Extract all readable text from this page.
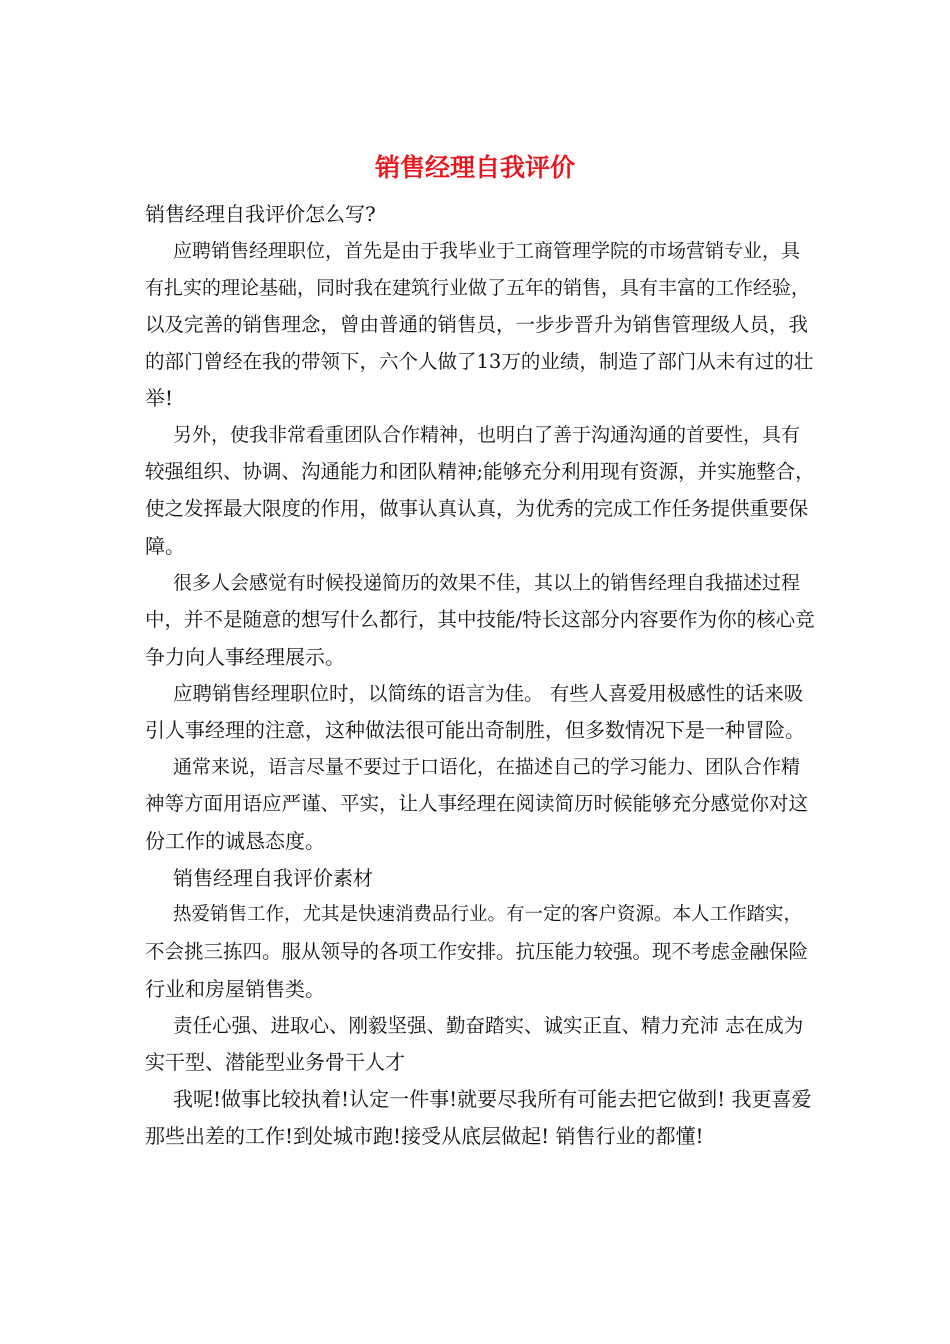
销售经理自我评价
销售经理自我评价怎么写?
应聘销售经理职位，首先是由于我毕业于工商管理学院的市场营销专业，具
有扎实的理论基础，同时我在建筑行业做了五年的销售，具有丰富的工作经验，
以及完善的销售理念，曾由普通的销售员，一步步晋升为销售管理级人员，我
的部门曾经在我的带领下，六个人做了13万的业绩，制造了部门从未有过的壮
举!
另外，使我非常看重团队合作精神，也明白了善于沟通沟通的首要性，具有
较强组织、协调、沟通能力和团队精神;能够充分利用现有资源，并实施整合，
使之发挥最大限度的作用，做事认真认真，为优秀的完成工作任务提供重要保
障。
很多人会感觉有时候投递简历的效果不佳，其以上的销售经理自我描述过程
中，并不是随意的想写什么都行，其中技能/特长这部分内容要作为你的核心竞
争力向人事经理展示。
应聘销售经理职位时，以简练的语言为佳。 有些人喜爱用极感性的话来吸
引人事经理的注意，这种做法很可能出奇制胜，但多数情况下是一种冒险。
通常来说，语言尽量不要过于口语化，在描述自己的学习能力、团队合作精
神等方面用语应严谨、平实，让人事经理在阅读简历时候能够充分感觉你对这
份工作的诚恳态度。
销售经理自我评价素材
热爱销售工作，尤其是快速消费品行业。有一定的客户资源。本人工作踏实，
不会挑三拣四。服从领导的各项工作安排。抗压能力较强。现不考虑金融保险
行业和房屋销售类。
责任心强、进取心、刚毅坚强、勤奋踏实、诚实正直、精力充沛 志在成为
实干型、潜能型业务骨干人才
我呢!做事比较执着!认定一件事!就要尽我所有可能去把它做到! 我更喜爱
那些出差的工作!到处城市跑!接受从底层做起! 销售行业的都懂!
